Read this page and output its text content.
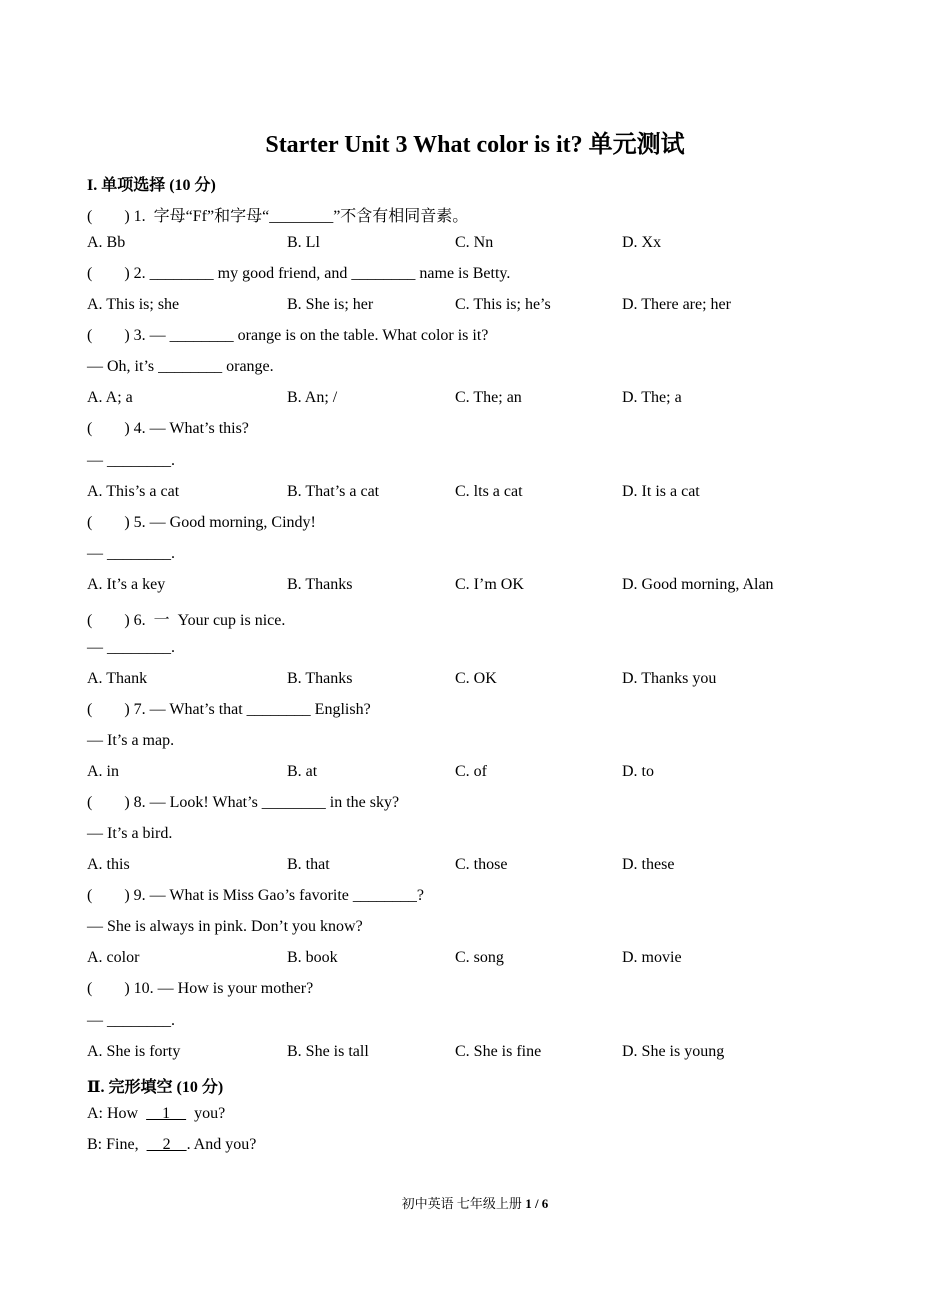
Starter Unit 3 What color is it? 单元测试
I. 单项选择 (10 分)
(        ) 1.  字母“Ff”和字母“________”不含有相同音素。
A. Bb	B. Ll	C. Nn	D. Xx
(        ) 2. ________ my good friend, and ________ name is Betty.
A. This is; she	B. She is; her	C. This is; he’s	D. There are; her
(        ) 3. — ________ orange is on the table. What color is it?
— Oh, it’s ________ orange.
A. A; a	B. An; /	C. The; an	D. The; a
(        ) 4. — What’s this?
— ________.
A. This’s a cat	B. That’s a cat	C. lts a cat	D. It is a cat
(        ) 5. — Good morning, Cindy!
— ________.
A. It’s a key	B. Thanks	C. I’m OK	D. Good morning, Alan
(        ) 6.  一  Your cup is nice.
— ________.
A. Thank	B. Thanks	C. OK	D. Thanks you
(        ) 7. — What’s that ________ English?
— It’s a map.
A. in	B. at	C. of	D. to
(        ) 8. — Look! What’s ________ in the sky?
— It’s a bird.
A. this	B. that	C. those	D. these
(        ) 9. — What is Miss Gao’s favorite ________?
— She is always in pink. Don’t you know?
A. color	B. book	C. song	D. movie
(        ) 10. — How is your mother?
— ________.
A. She is forty	B. She is tall	C. She is fine	D. She is young
Ⅱ. 完形填空 (10 分)
A: How      1      you?
B: Fine,      2    . And you?
初中英语 七年级上册 1 / 6
